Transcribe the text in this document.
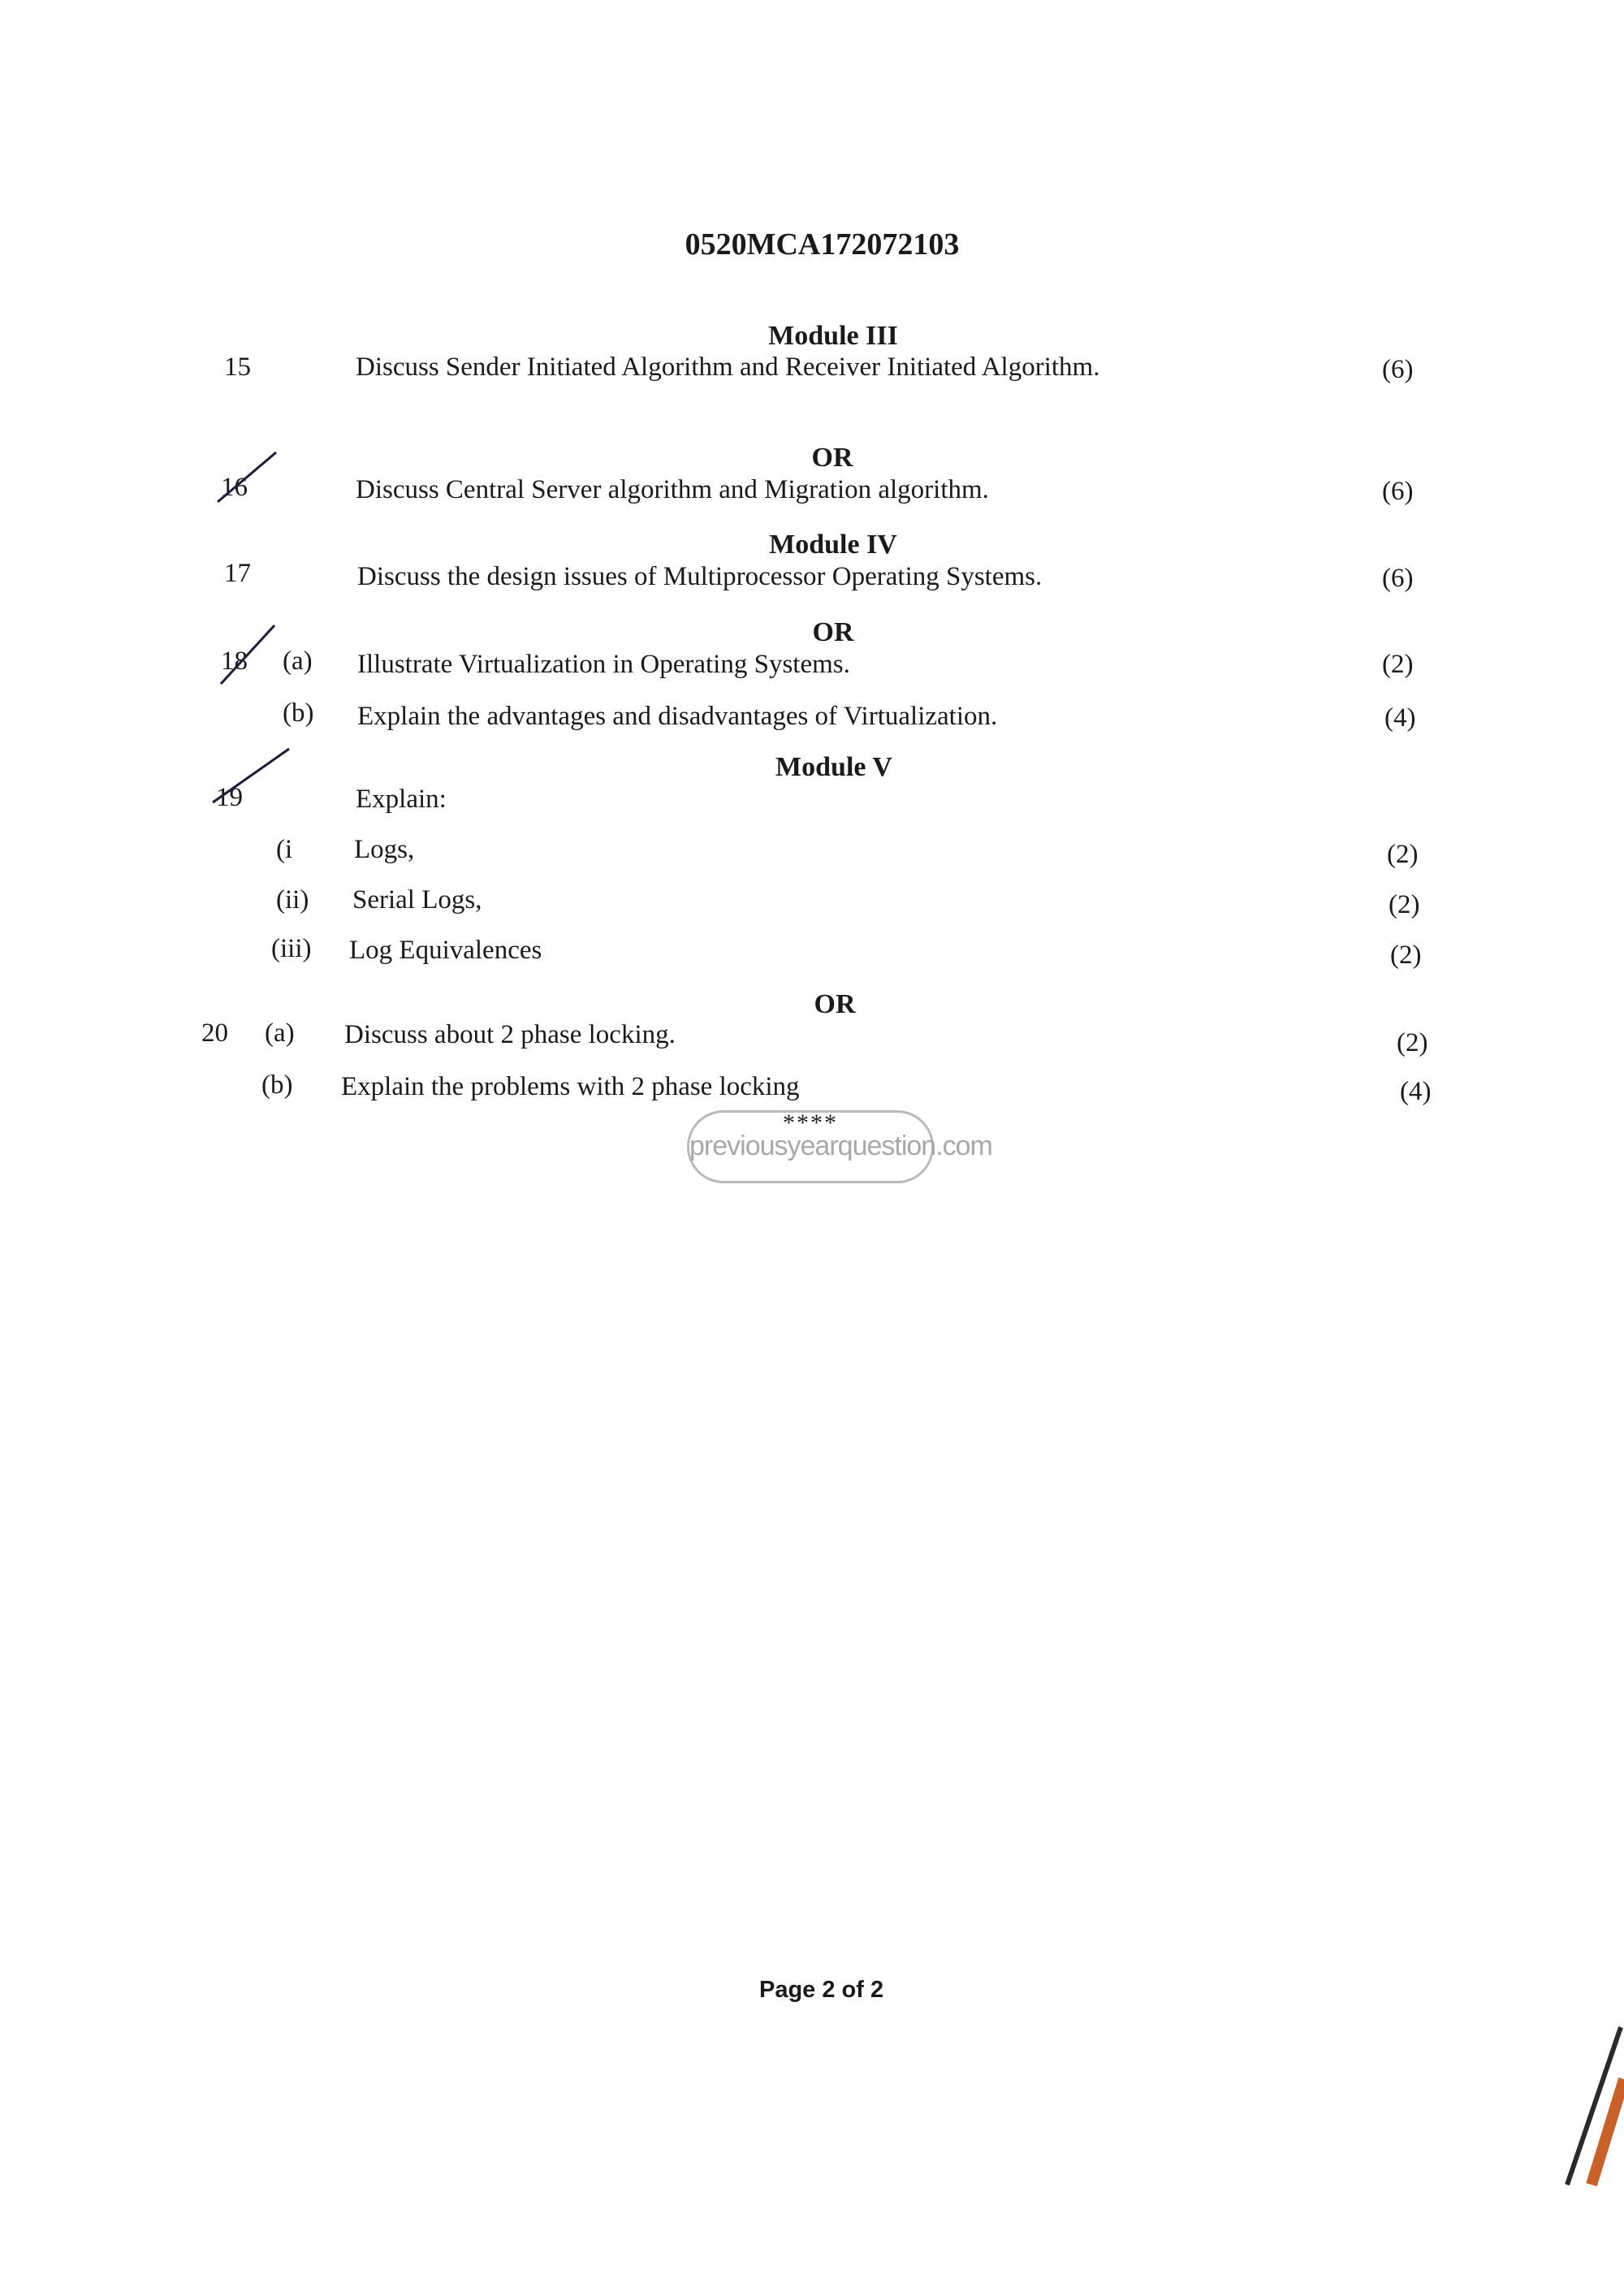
0520MCA172072103
Module III
15	Discuss Sender Initiated Algorithm and Receiver Initiated Algorithm.	(6)
OR
16	Discuss Central Server algorithm and Migration algorithm.	(6)
Module IV
17	Discuss the design issues of Multiprocessor Operating Systems.	(6)
OR
18 (a) Illustrate Virtualization in Operating Systems.	(2)
(b) Explain the advantages and disadvantages of Virtualization.	(4)
Module V
19	Explain:
(i Logs,	(2)
(ii) Serial Logs,	(2)
(iii) Log Equivalences	(2)
OR
20 (a) Discuss about 2 phase locking.	(2)
(b) Explain the problems with 2 phase locking	(4)
****
previousyearquestion.com
Page 2 of 2
